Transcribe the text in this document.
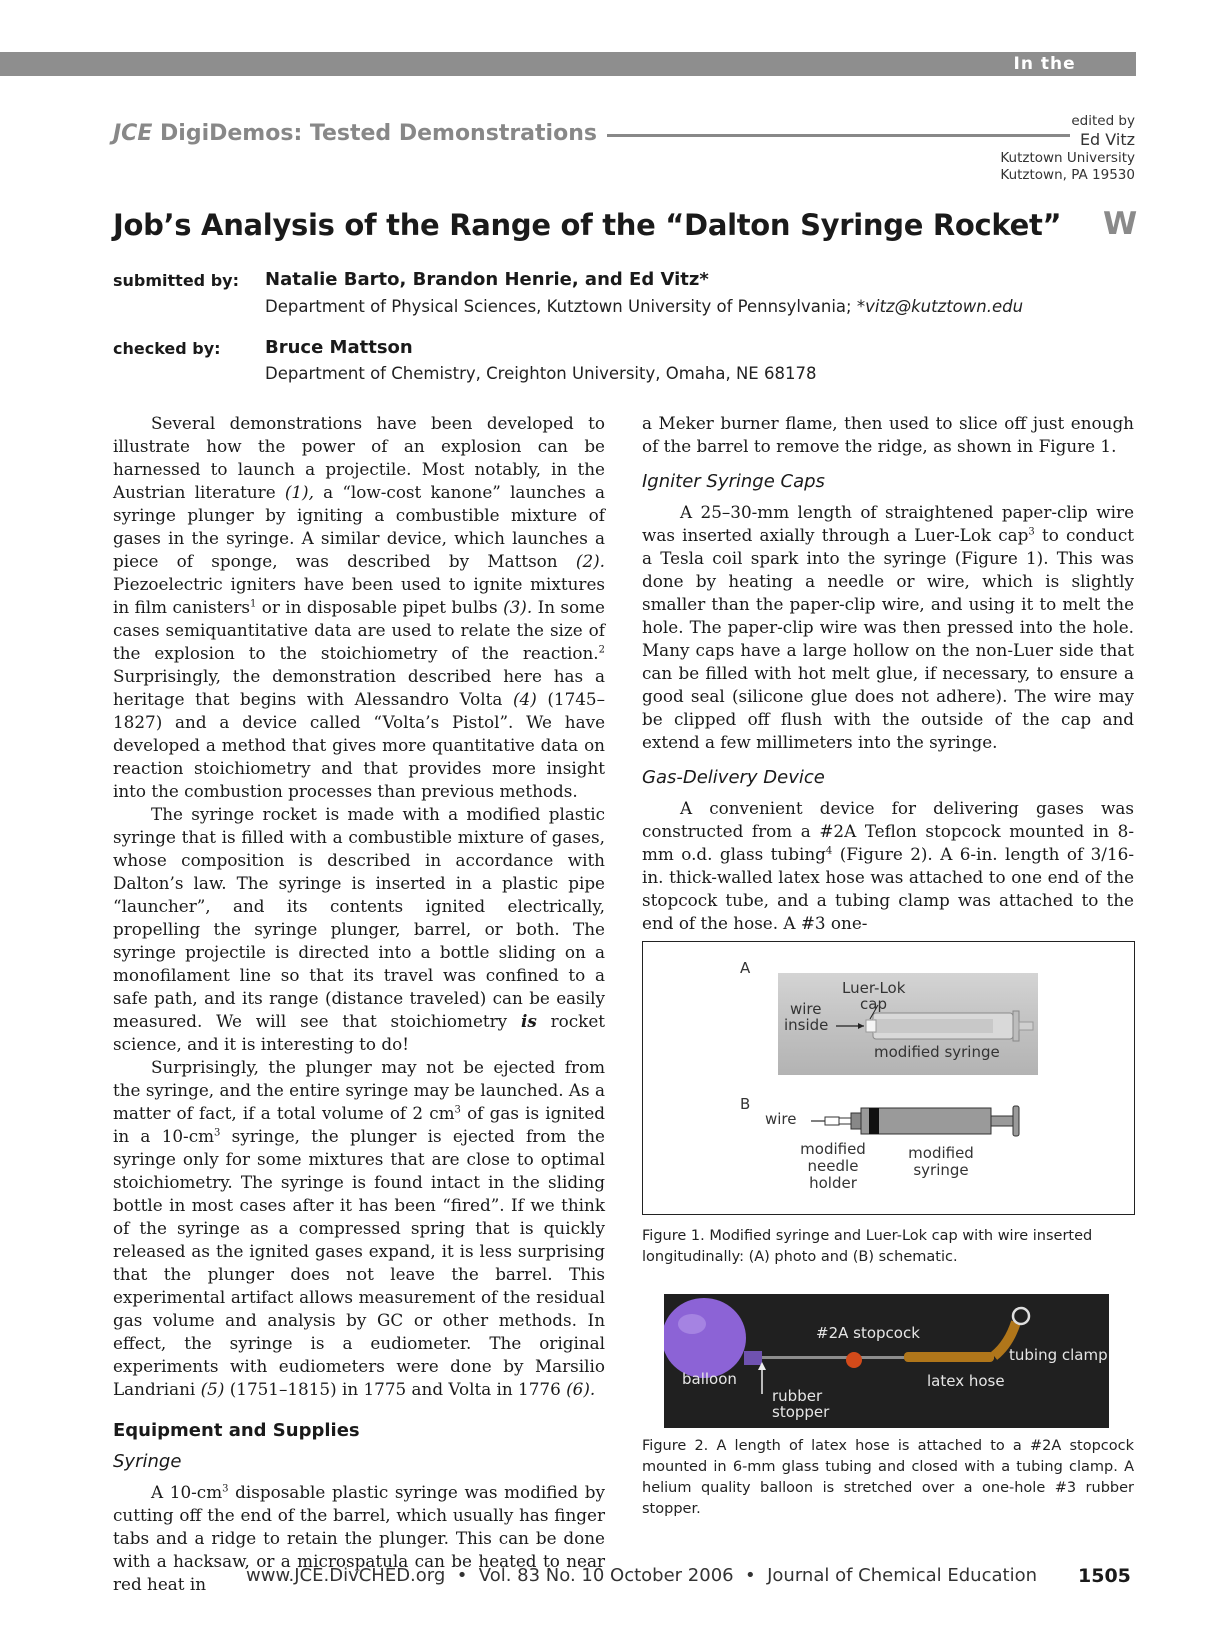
In the Classroom
JCE DigiDemos: Tested Demonstrations	edited by
Ed Vitz
Kutztown University
Kutztown, PA 19530
Job’s Analysis of the Range of the “Dalton Syringe Rocket” W
submitted by: Natalie Barto, Brandon Henrie, and Ed Vitz*
Department of Physical Sciences, Kutztown University of Pennsylvania; *vitz@kutztown.edu
checked by: Bruce Mattson
Department of Chemistry, Creighton University, Omaha, NE 68178

Several demonstrations have been developed to illustrate how the power of an explosion can be harnessed to launch a projectile. Most notably, in the Austrian literature (1), a “low-cost kanone” launches a syringe plunger by igniting a combustible mixture of gases in the syringe. A similar device, which launches a piece of sponge, was described by Mattson (2). Piezoelectric igniters have been used to ignite mixtures in film canisters$^1$ or in disposable pipet bulbs (3). In some cases semiquantitative data are used to relate the size of the explosion to the stoichiometry of the reaction.$^2$ Surprisingly, the demonstration described here has a heritage that begins with Alessandro Volta (4) (1745–1827) and a device called “Volta’s Pistol”. We have developed a method that gives more quantitative data on reaction stoichiometry and that provides more insight into the combustion processes than previous methods.

The syringe rocket is made with a modified plastic syringe that is filled with a combustible mixture of gases, whose composition is described in accordance with Dalton’s law. The syringe is inserted in a plastic pipe “launcher”, and its contents ignited electrically, propelling the syringe plunger, barrel, or both. The syringe projectile is directed into a bottle sliding on a monofilament line so that its travel was confined to a safe path, and its range (distance traveled) can be easily measured. We will see that stoichiometry is rocket science, and it is interesting to do!

Surprisingly, the plunger may not be ejected from the syringe, and the entire syringe may be launched. As a matter of fact, if a total volume of 2 $cm^3$ of gas is ignited in a $10-cm^3$ syringe, the plunger is ejected from the syringe only for some mixtures that are close to optimal stoichiometry. The syringe is found intact in the sliding bottle in most cases after it has been “fired”. If we think of the syringe as a compressed spring that is quickly released as the ignited gases expand, it is less surprising that the plunger does not leave the barrel. This experimental artifact allows measurement of the residual gas volume and analysis by GC or other methods. In effect, the syringe is a eudiometer. The original experiments with eudiometers were done by Marsilio Landriani (5) (1751–1815) in 1775 and Volta in 1776 (6).

Equipment and Supplies
Syringe

A $10-cm^3$ disposable plastic syringe was modified by cutting off the end of the barrel, which usually has finger tabs and a ridge to retain the plunger. This can be done with a hacksaw, or a microspatula can be heated to near red heat in

a Meker burner flame, then used to slice off just enough of the barrel to remove the ridge, as shown in Figure 1.

Igniter Syringe Caps

A 25–30-mm length of straightened paper-clip wire was inserted axially through a Luer-Lok cap$^3$ to conduct a Tesla coil spark into the syringe (Figure 1). This was done by heating a needle or wire, which is slightly smaller than the paper-clip wire, and using it to melt the hole. The paper-clip wire was then pressed into the hole. Many caps have a large hollow on the non-Luer side that can be filled with hot melt glue, if necessary, to ensure a good seal (silicone glue does not adhere). The wire may be clipped off flush with the outside of the cap and extend a few millimeters into the syringe.

Gas-Delivery Device

A convenient device for delivering gases was constructed from a #2A Teflon stopcock mounted in 8-mm o.d. glass tubing$^4$ (Figure 2). A 6-in. length of 3/16-in. thick-walled latex hose was attached to one end of the stopcock tube, and a tubing clamp was attached to the end of the hose. A #3 one-

A
Luer-Lok
cap
wire
inside
modified syringe
B
wire
modified
needle
holder
modified
syringe
Figure 1. Modified syringe and Luer-Lok cap with wire inserted longitudinally: (A) photo and (B) schematic.
#2A stopcock
tubing clamp
balloon	latex hose
rubber
stopper
Figure 2. A length of latex hose is attached to a #2A stopcock mounted in 6-mm glass tubing and closed with a tubing clamp. A helium quality balloon is stretched over a one-hole #3 rubber stopper.
www.JCE.DivCHED.org  •  Vol. 83 No. 10 October 2006  •  Journal of Chemical Education 1505
